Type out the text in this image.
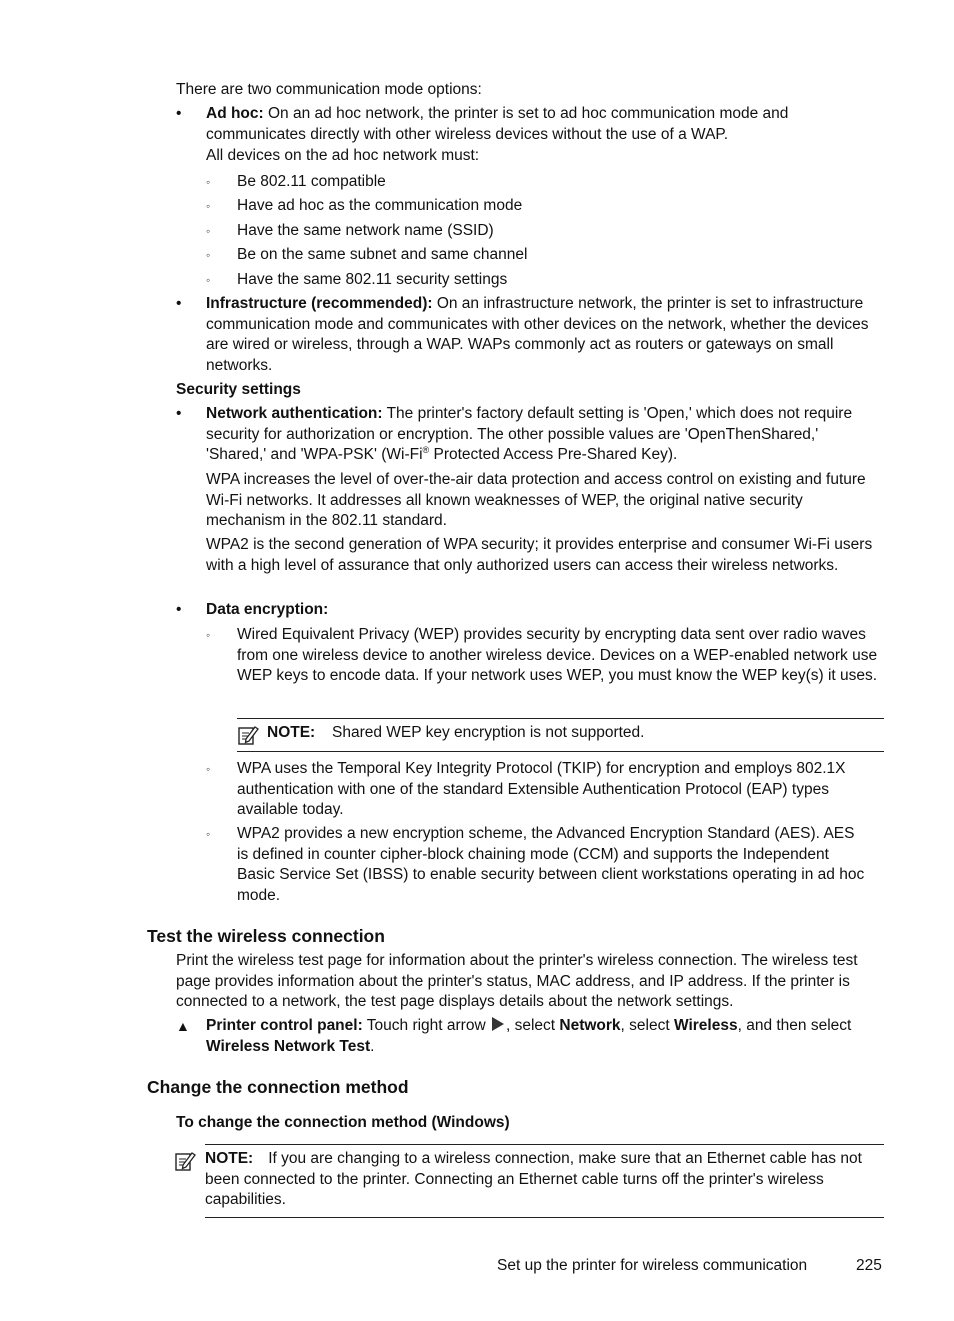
There are two communication mode options:

• Ad hoc: On an ad hoc network, the printer is set to ad hoc communication mode and communicates directly with other wireless devices without the use of a WAP.

All devices on the ad hoc network must:

◦ Be 802.11 compatible

◦ Have ad hoc as the communication mode

◦ Have the same network name (SSID)

◦ Be on the same subnet and same channel

◦ Have the same 802.11 security settings

• Infrastructure (recommended): On an infrastructure network, the printer is set to infrastructure communication mode and communicates with other devices on the network, whether the devices are wired or wireless, through a WAP. WAPs commonly act as routers or gateways on small networks.

Security settings

• Network authentication: The printer's factory default setting is 'Open,' which does not require security for authorization or encryption. The other possible values are 'OpenThenShared,' 'Shared,' and 'WPA-PSK' (Wi-Fi® Protected Access Pre-Shared Key).

WPA increases the level of over-the-air data protection and access control on existing and future Wi-Fi networks. It addresses all known weaknesses of WEP, the original native security mechanism in the 802.11 standard.

WPA2 is the second generation of WPA security; it provides enterprise and consumer Wi-Fi users with a high level of assurance that only authorized users can access their wireless networks.

• Data encryption:

◦ Wired Equivalent Privacy (WEP) provides security by encrypting data sent over radio waves from one wireless device to another wireless device. Devices on a WEP-enabled network use WEP keys to encode data. If your network uses WEP, you must know the WEP key(s) it uses.

NOTE: Shared WEP key encryption is not supported.

◦ WPA uses the Temporal Key Integrity Protocol (TKIP) for encryption and employs 802.1X authentication with one of the standard Extensible Authentication Protocol (EAP) types available today.

◦ WPA2 provides a new encryption scheme, the Advanced Encryption Standard (AES). AES is defined in counter cipher-block chaining mode (CCM) and supports the Independent Basic Service Set (IBSS) to enable security between client workstations operating in ad hoc mode.

Test the wireless connection

Print the wireless test page for information about the printer's wireless connection. The wireless test page provides information about the printer's status, MAC address, and IP address. If the printer is connected to a network, the test page displays details about the network settings.

▲ Printer control panel: Touch right arrow , select Network, select Wireless, and then select Wireless Network Test.

Change the connection method

To change the connection method (Windows)

NOTE: If you are changing to a wireless connection, make sure that an Ethernet cable has not been connected to the printer. Connecting an Ethernet cable turns off the printer's wireless capabilities.

Set up the printer for wireless communication	225
